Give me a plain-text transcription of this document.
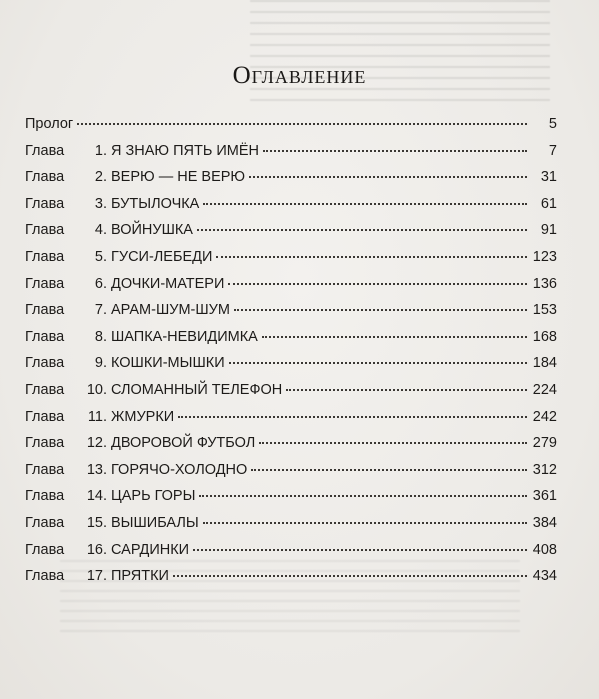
Оглавление
Пролог	5
Глава 1. Я ЗНАЮ ПЯТЬ ИМЁН	7
Глава 2. ВЕРЮ — НЕ ВЕРЮ	31
Глава 3. БУТЫЛОЧКА	61
Глава 4. ВОЙНУШКА	91
Глава 5. ГУСИ-ЛЕБЕДИ	123
Глава 6. ДОЧКИ-МАТЕРИ	136
Глава 7. АРАМ-ШУМ-ШУМ	153
Глава 8. ШАПКА-НЕВИДИМКА	168
Глава 9. КОШКИ-МЫШКИ	184
Глава 10. СЛОМАННЫЙ ТЕЛЕФОН	224
Глава 11. ЖМУРКИ	242
Глава 12. ДВОРОВОЙ ФУТБОЛ	279
Глава 13. ГОРЯЧО-ХОЛОДНО	312
Глава 14. ЦАРЬ ГОРЫ	361
Глава 15. ВЫШИБАЛЫ	384
Глава 16. САРДИНКИ	408
Глава 17. ПРЯТКИ	434
